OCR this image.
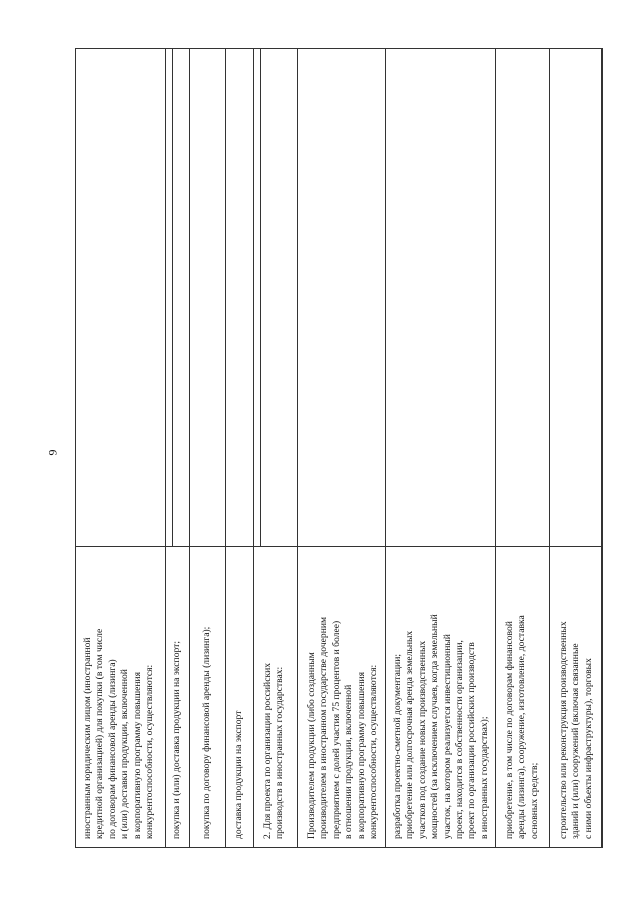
9
иностранным юридическим лицом (иностранной
кредитной организацией) для покупки (в том числе
по договорам финансовой аренды (лизинга)
и (или) доставки продукции, включенной
в корпоративную программу повышения
конкурентоспособности, осуществляются: покупка и (или) доставка продукции на экспорт; покупка по договору финансовой аренды (лизинга); доставка продукции на экспорт 2. Для проекта по организации российских
производств в иностранных государствах:
Производителем продукции (либо созданным
производителем в иностранном государстве дочерним
предприятием с долей участия 75 процентов и более)
в отношении продукции, включенной
в корпоративную программу повышения
конкурентоспособности, осуществляются:
разработка проектно-сметной документации;
приобретение или долгосрочная аренда земельных
участков под создание новых производственных
мощностей (за исключением случаев, когда земельный
участок, на котором реализуется инвестиционный
проект, находится в собственности организации,
проект по организации российских производств
в иностранных государствах);
приобретение, в том числе по договорам финансовой
аренды (лизинга), сооружение, изготовление, доставка
основных средств;
строительство или реконструкция производственных
зданий и (или) сооружений (включая связанные
с ними объекты инфраструктуры), торговых
